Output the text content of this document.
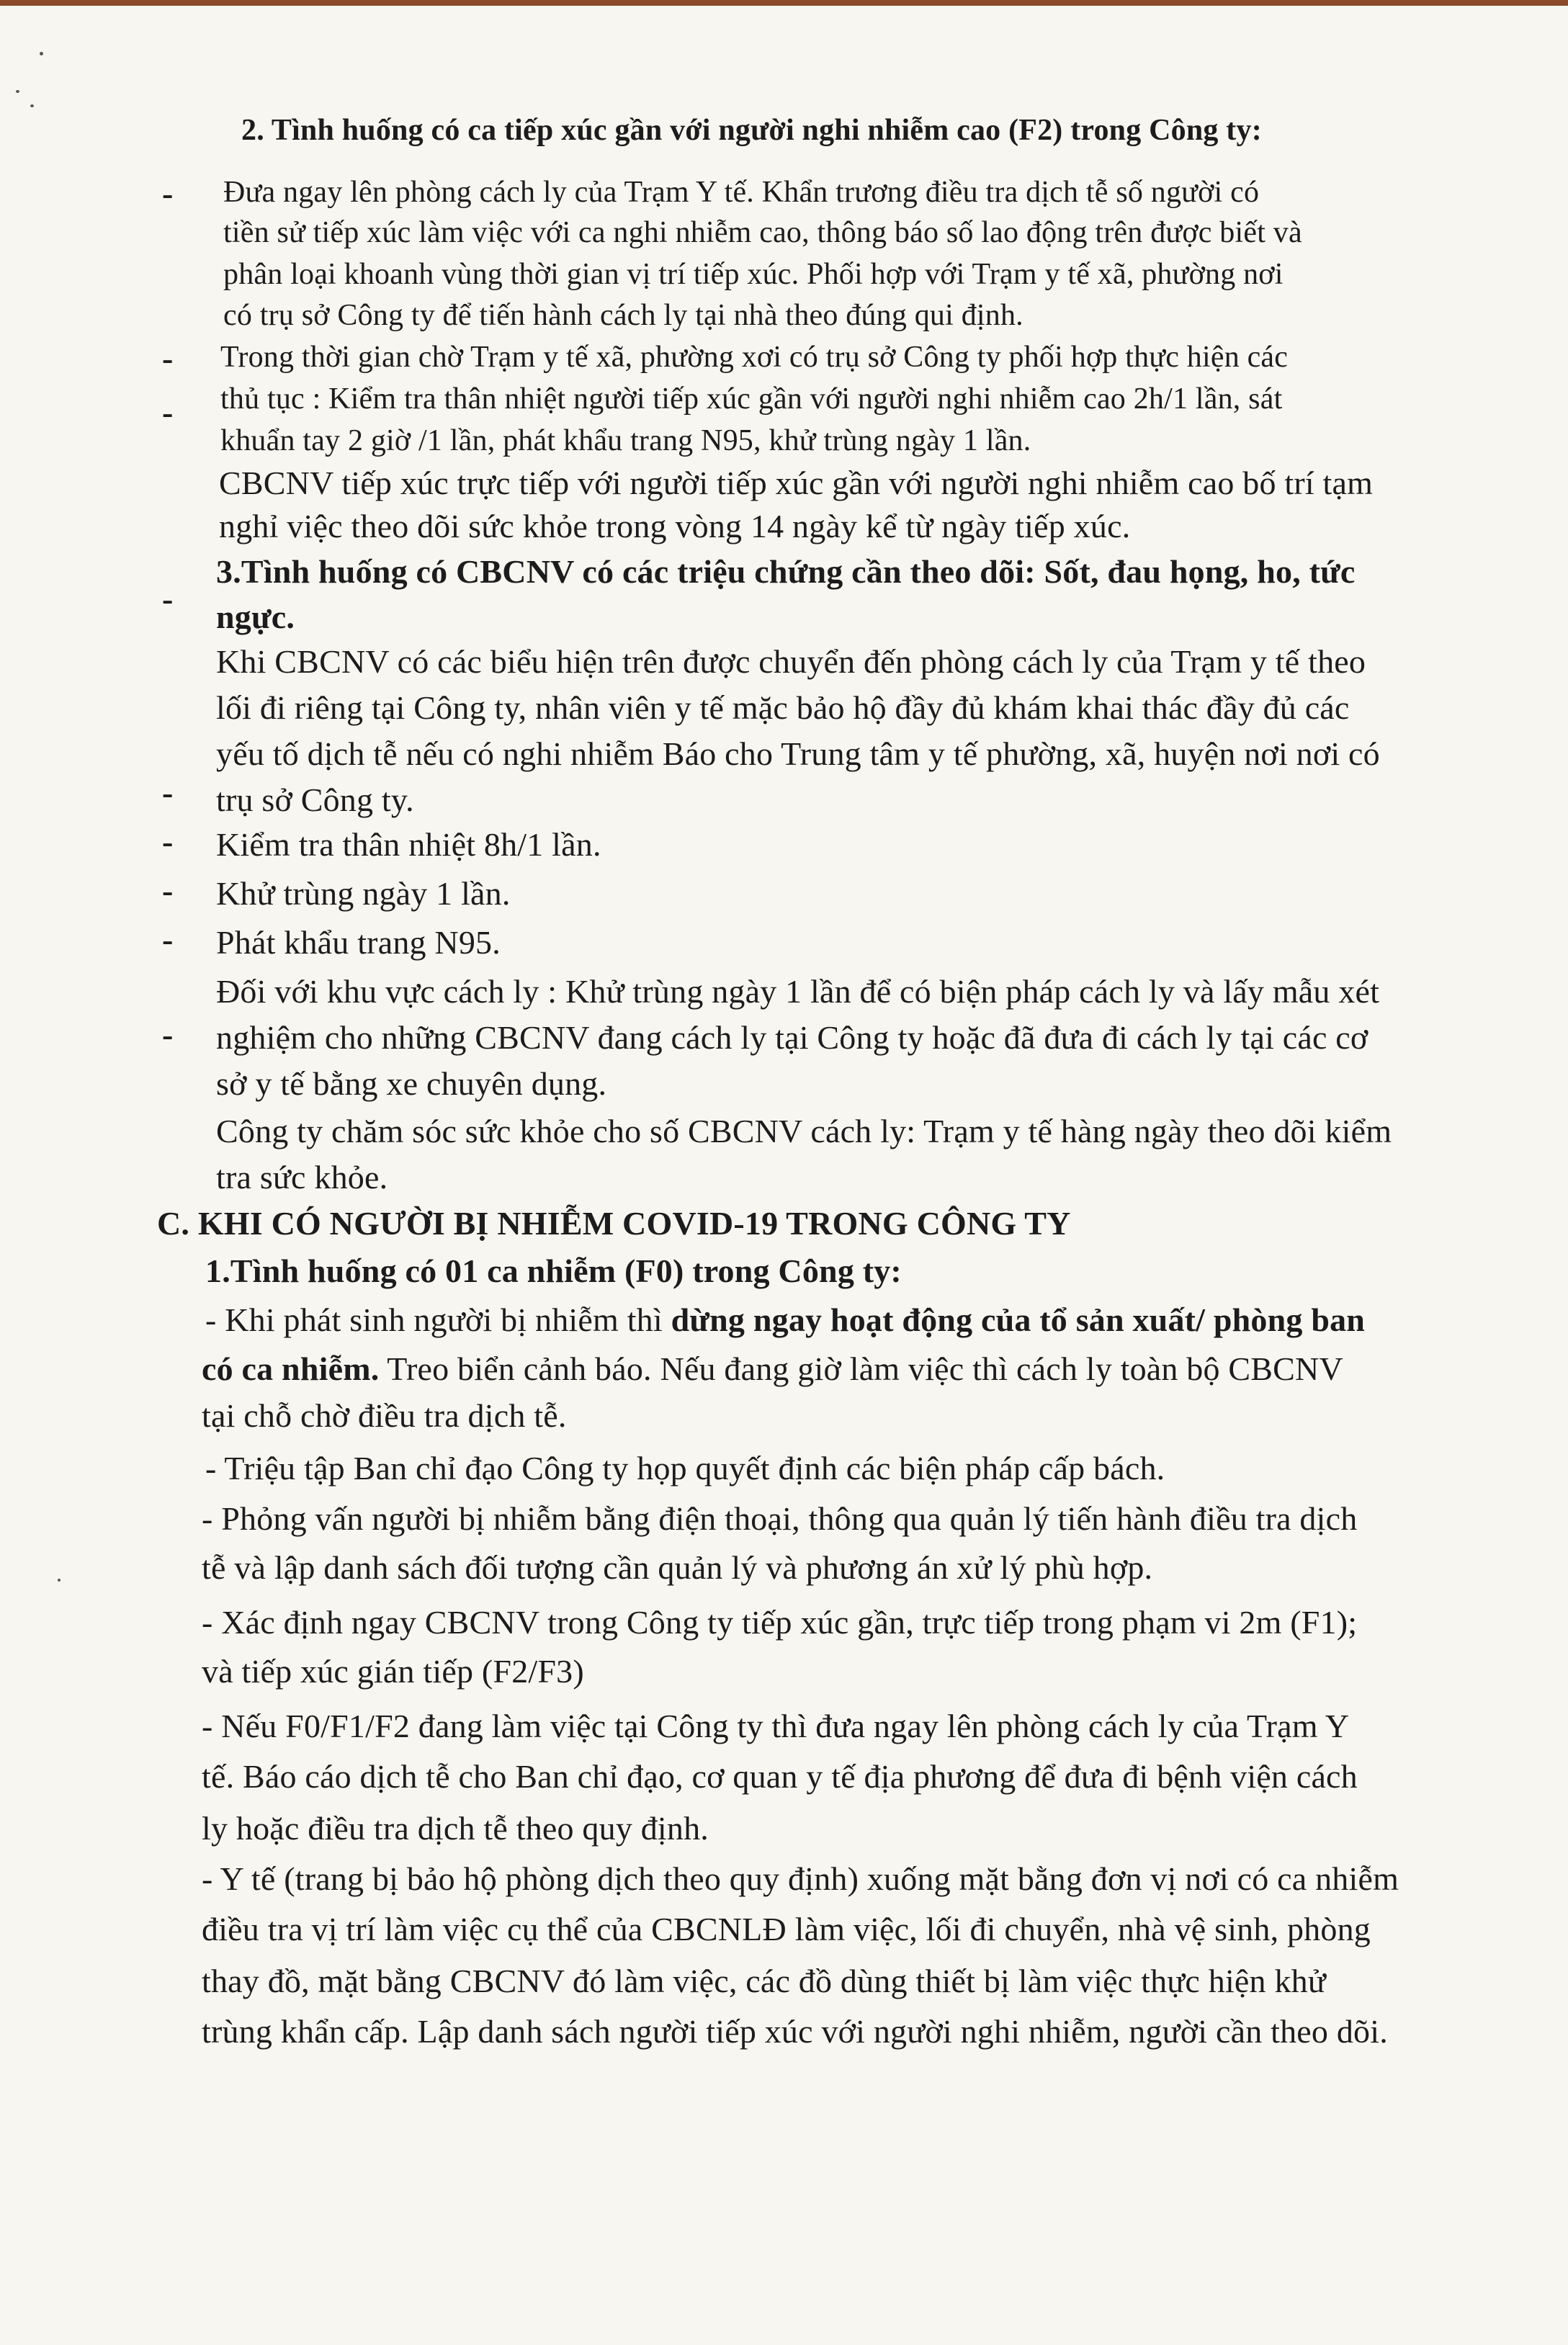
2. Tình huống có ca tiếp xúc gần với người nghi nhiễm cao (F2) trong Công ty:
- Đưa ngay lên phòng cách ly của Trạm Y tế. Khẩn trương điều tra dịch tễ số người có
tiền sử tiếp xúc làm việc với ca nghi nhiễm cao, thông báo số lao động trên được biết và
phân loại khoanh vùng thời gian vị trí tiếp xúc. Phối hợp với Trạm y tế xã, phường nơi
có trụ sở Công ty để tiến hành cách ly tại nhà theo đúng qui định.
- Trong thời gian chờ Trạm y tế xã, phường xơi có trụ sở Công ty phối hợp thực hiện các
thủ tục : Kiểm tra thân nhiệt người tiếp xúc gần với người nghi nhiễm cao 2h/1 lần, sát
khuẩn tay 2 giờ /1 lần, phát khẩu trang N95, khử trùng ngày 1 lần.
-
CBCNV tiếp xúc trực tiếp với người tiếp xúc gần với người nghi nhiễm cao bố trí tạm
nghỉ việc theo dõi sức khỏe trong vòng 14 ngày kể từ ngày tiếp xúc.
3.Tình huống có CBCNV có các triệu chứng cần theo dõi: Sốt, đau họng, ho, tức
ngực.
-
Khi CBCNV có các biểu hiện trên được chuyển đến phòng cách ly của Trạm y tế theo
lối đi riêng tại Công ty, nhân viên y tế mặc bảo hộ đầy đủ khám khai thác đầy đủ các
yếu tố dịch tễ nếu có nghi nhiễm Báo cho Trung tâm y tế phường, xã, huyện nơi nơi có
trụ sở Công ty.
-
Kiểm tra thân nhiệt 8h/1 lần.
-
Khử trùng ngày 1 lần.
-
Phát khẩu trang N95.
-
Đối với khu vực cách ly : Khử trùng ngày 1 lần để có biện pháp cách ly và lấy mẫu xét
nghiệm cho những CBCNV đang cách ly tại Công ty hoặc đã đưa đi cách ly tại các cơ
sở y tế bằng xe chuyên dụng.
-
Công ty chăm sóc sức khỏe cho số CBCNV cách ly: Trạm y tế hàng ngày theo dõi kiểm
tra sức khỏe.
C. KHI CÓ NGƯỜI BỊ NHIỄM COVID-19 TRONG CÔNG TY
1.Tình huống có 01 ca nhiễm (F0) trong Công ty:
- Khi phát sinh người bị nhiễm thì dừng ngay hoạt động của tổ sản xuất/ phòng ban
có ca nhiễm. Treo biển cảnh báo. Nếu đang giờ làm việc thì cách ly toàn bộ CBCNV
tại chỗ chờ điều tra dịch tễ.
- Triệu tập Ban chỉ đạo Công ty họp quyết định các biện pháp cấp bách.
- Phỏng vấn người bị nhiễm bằng điện thoại, thông qua quản lý tiến hành điều tra dịch
tễ và lập danh sách đối tượng cần quản lý và phương án xử lý phù hợp.
- Xác định ngay CBCNV trong Công ty tiếp xúc gần, trực tiếp trong phạm vi 2m (F1);
và tiếp xúc gián tiếp (F2/F3)
- Nếu F0/F1/F2 đang làm việc tại Công ty thì đưa ngay lên phòng cách ly của Trạm Y
tế. Báo cáo dịch tễ cho Ban chỉ đạo, cơ quan y tế địa phương để đưa đi bệnh viện cách
ly hoặc điều tra dịch tễ theo quy định.
- Y tế (trang bị bảo hộ phòng dịch theo quy định) xuống mặt bằng đơn vị nơi có ca nhiễm
điều tra vị trí làm việc cụ thể của CBCNLĐ làm việc, lối đi chuyển, nhà vệ sinh, phòng
thay đồ, mặt bằng CBCNV đó làm việc, các đồ dùng thiết bị làm việc thực hiện khử
trùng khẩn cấp. Lập danh sách người tiếp xúc với người nghi nhiễm, người cần theo dõi.
